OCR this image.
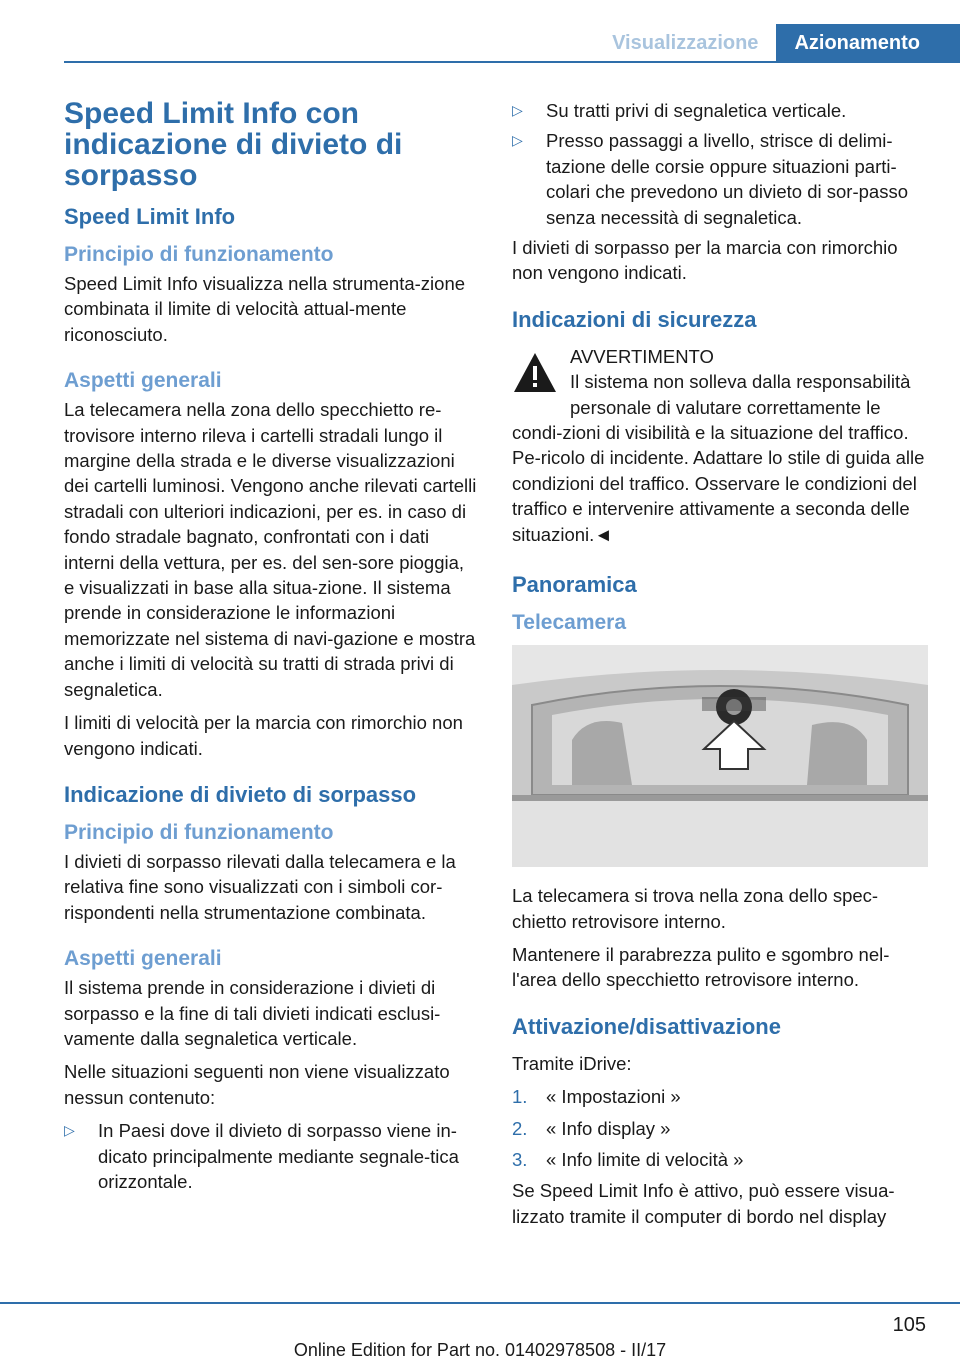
Visualizzazione	Azionamento
Speed Limit Info con indicazione di divieto di sorpasso
Speed Limit Info
Principio di funzionamento

Speed Limit Info visualizza nella strumenta‐zione combinata il limite di velocità attual‐mente riconosciuto.

Aspetti generali

La telecamera nella zona dello specchietto re‐trovisore interno rileva i cartelli stradali lungo il margine della strada e le diverse visualizzazioni dei cartelli luminosi. Vengono anche rilevati cartelli stradali con ulteriori indicazioni, per es. in caso di fondo stradale bagnato, confrontati con i dati interni della vettura, per es. del sen‐sore pioggia, e visualizzati in base alla situa‐zione. Il sistema prende in considerazione le informazioni memorizzate nel sistema di navi‐gazione e mostra anche i limiti di velocità su tratti di strada privi di segnaletica.

I limiti di velocità per la marcia con rimorchio non vengono indicati.

Indicazione di divieto di sorpasso
Principio di funzionamento

I divieti di sorpasso rilevati dalla telecamera e la relativa fine sono visualizzati con i simboli cor‐rispondenti nella strumentazione combinata.

Aspetti generali

Il sistema prende in considerazione i divieti di sorpasso e la fine di tali divieti indicati esclusi‐vamente dalla segnaletica verticale.

Nelle situazioni seguenti non viene visualizzato nessun contenuto:

▷	In Paesi dove il divieto di sorpasso viene in‐dicato principalmente mediante segnale‐tica orizzontale.
▷	Su tratti privi di segnaletica verticale.
▷	Presso passaggi a livello, strisce di delimi‐tazione delle corsie oppure situazioni parti‐colari che prevedono un divieto di sor‐passo senza necessità di segnaletica.

I divieti di sorpasso per la marcia con rimorchio non vengono indicati.

Indicazioni di sicurezza
AVVERTIMENTO

Il sistema non solleva dalla responsabilità personale di valutare correttamente le condi‐zioni di visibilità e la situazione del traffico. Pe‐ricolo di incidente. Adattare lo stile di guida alle condizioni del traffico. Osservare le condizioni del traffico e intervenire attivamente a seconda delle situazioni.◄

Panoramica
Telecamera

La telecamera si trova nella zona dello spec‐chietto retrovisore interno.

Mantenere il parabrezza pulito e sgombro nel‐l'area dello specchietto retrovisore interno.

Attivazione/disattivazione

Tramite iDrive:

1. « Impostazioni »
2. « Info display »
3. « Info limite di velocità »

Se Speed Limit Info è attivo, può essere visua‐lizzato tramite il computer di bordo nel display

105
Online Edition for Part no. 01402978508 - II/17
